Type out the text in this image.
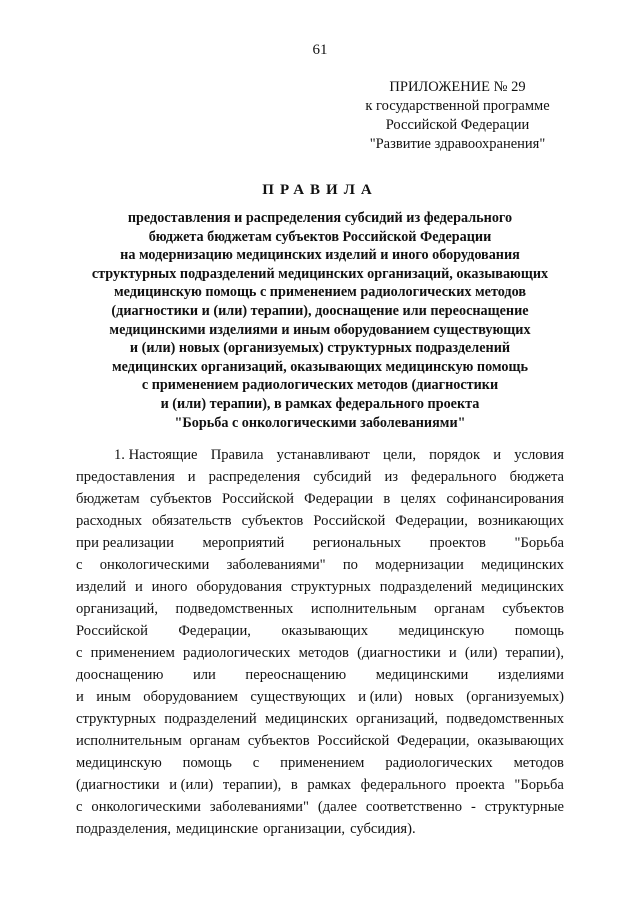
61
ПРИЛОЖЕНИЕ № 29
к государственной программе
Российской Федерации
"Развитие здравоохранения"
ПРАВИЛА
предоставления и распределения субсидий из федерального
бюджета бюджетам субъектов Российской Федерации
на модернизацию медицинских изделий и иного оборудования
структурных подразделений медицинских организаций, оказывающих
медицинскую помощь с применением радиологических методов
(диагностики и (или) терапии), дооснащение или переоснащение
медицинскими изделиями и иным оборудованием существующих
и (или) новых (организуемых) структурных подразделений
медицинских организаций, оказывающих медицинскую помощь
с применением радиологических методов (диагностики
и (или) терапии), в рамках федерального проекта
"Борьба с онкологическими заболеваниями"
1. Настоящие Правила устанавливают цели, порядок и условия
предоставления и распределения субсидий из федерального бюджета
бюджетам субъектов Российской Федерации в целях софинансирования
расходных обязательств субъектов Российской Федерации, возникающих
при реализации мероприятий региональных проектов "Борьба
с онкологическими заболеваниями" по модернизации медицинских
изделий и иного оборудования структурных подразделений медицинских
организаций, подведомственных исполнительным органам субъектов
Российской Федерации, оказывающих медицинскую помощь
с применением радиологических методов (диагностики и (или) терапии),
дооснащению или переоснащению медицинскими изделиями
и иным оборудованием существующих и (или) новых (организуемых)
структурных подразделений медицинских организаций, подведомственных
исполнительным органам субъектов Российской Федерации, оказывающих
медицинскую помощь с применением радиологических методов
(диагностики и (или) терапии), в рамках федерального проекта "Борьба
с онкологическими заболеваниями" (далее соответственно - структурные
подразделения, медицинские организации, субсидия).
